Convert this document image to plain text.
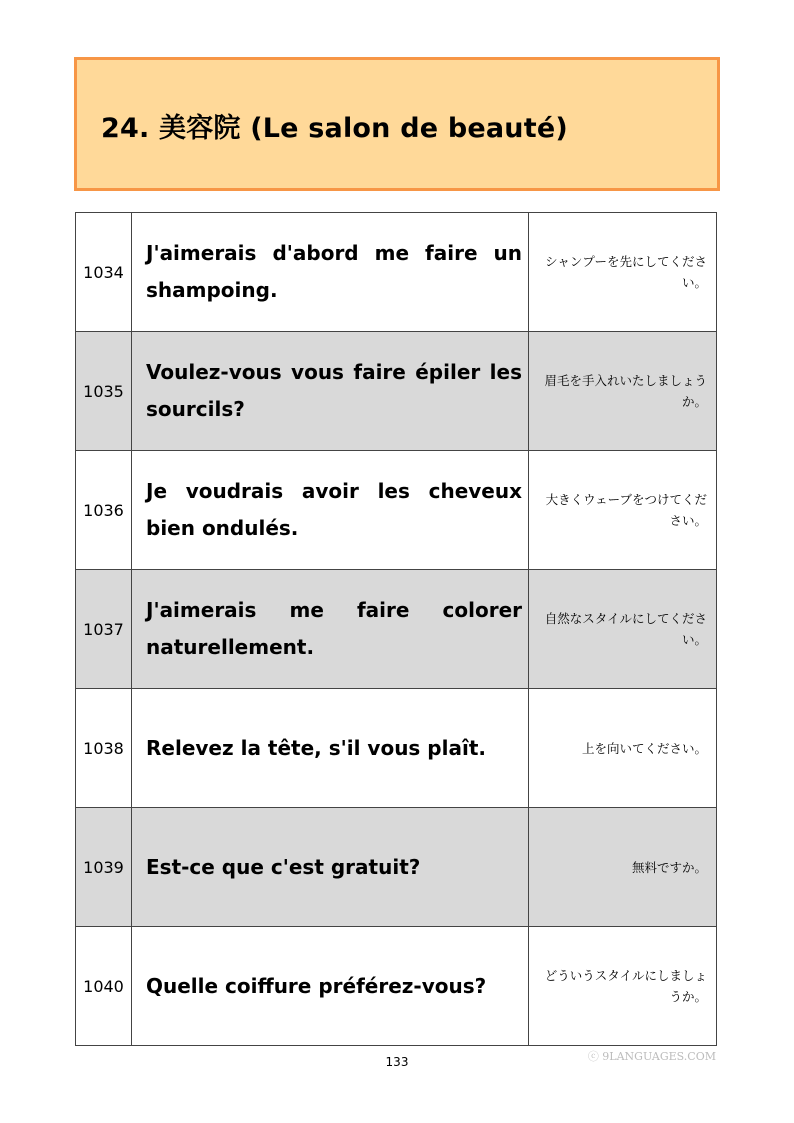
24. 美容院 (Le salon de beauté)
1034	J'aimerais d'abord me faire un shampoing.	シャンプーを先にしてください。
1035	Voulez-vous vous faire épiler les sourcils?	眉毛を手入れいたしましょうか。
1036	Je voudrais avoir les cheveux bien ondulés.	大きくウェーブをつけてください。
1037	J'aimerais me faire colorer naturellement.	自然なスタイルにしてください。
1038	Relevez la tête, s'il vous plaît.	上を向いてください。
1039	Est-ce que c'est gratuit?	無料ですか。
1040	Quelle coiffure préférez-vous?	どういうスタイルにしましょうか。
133	ⓒ 9LANGUAGES.COM
